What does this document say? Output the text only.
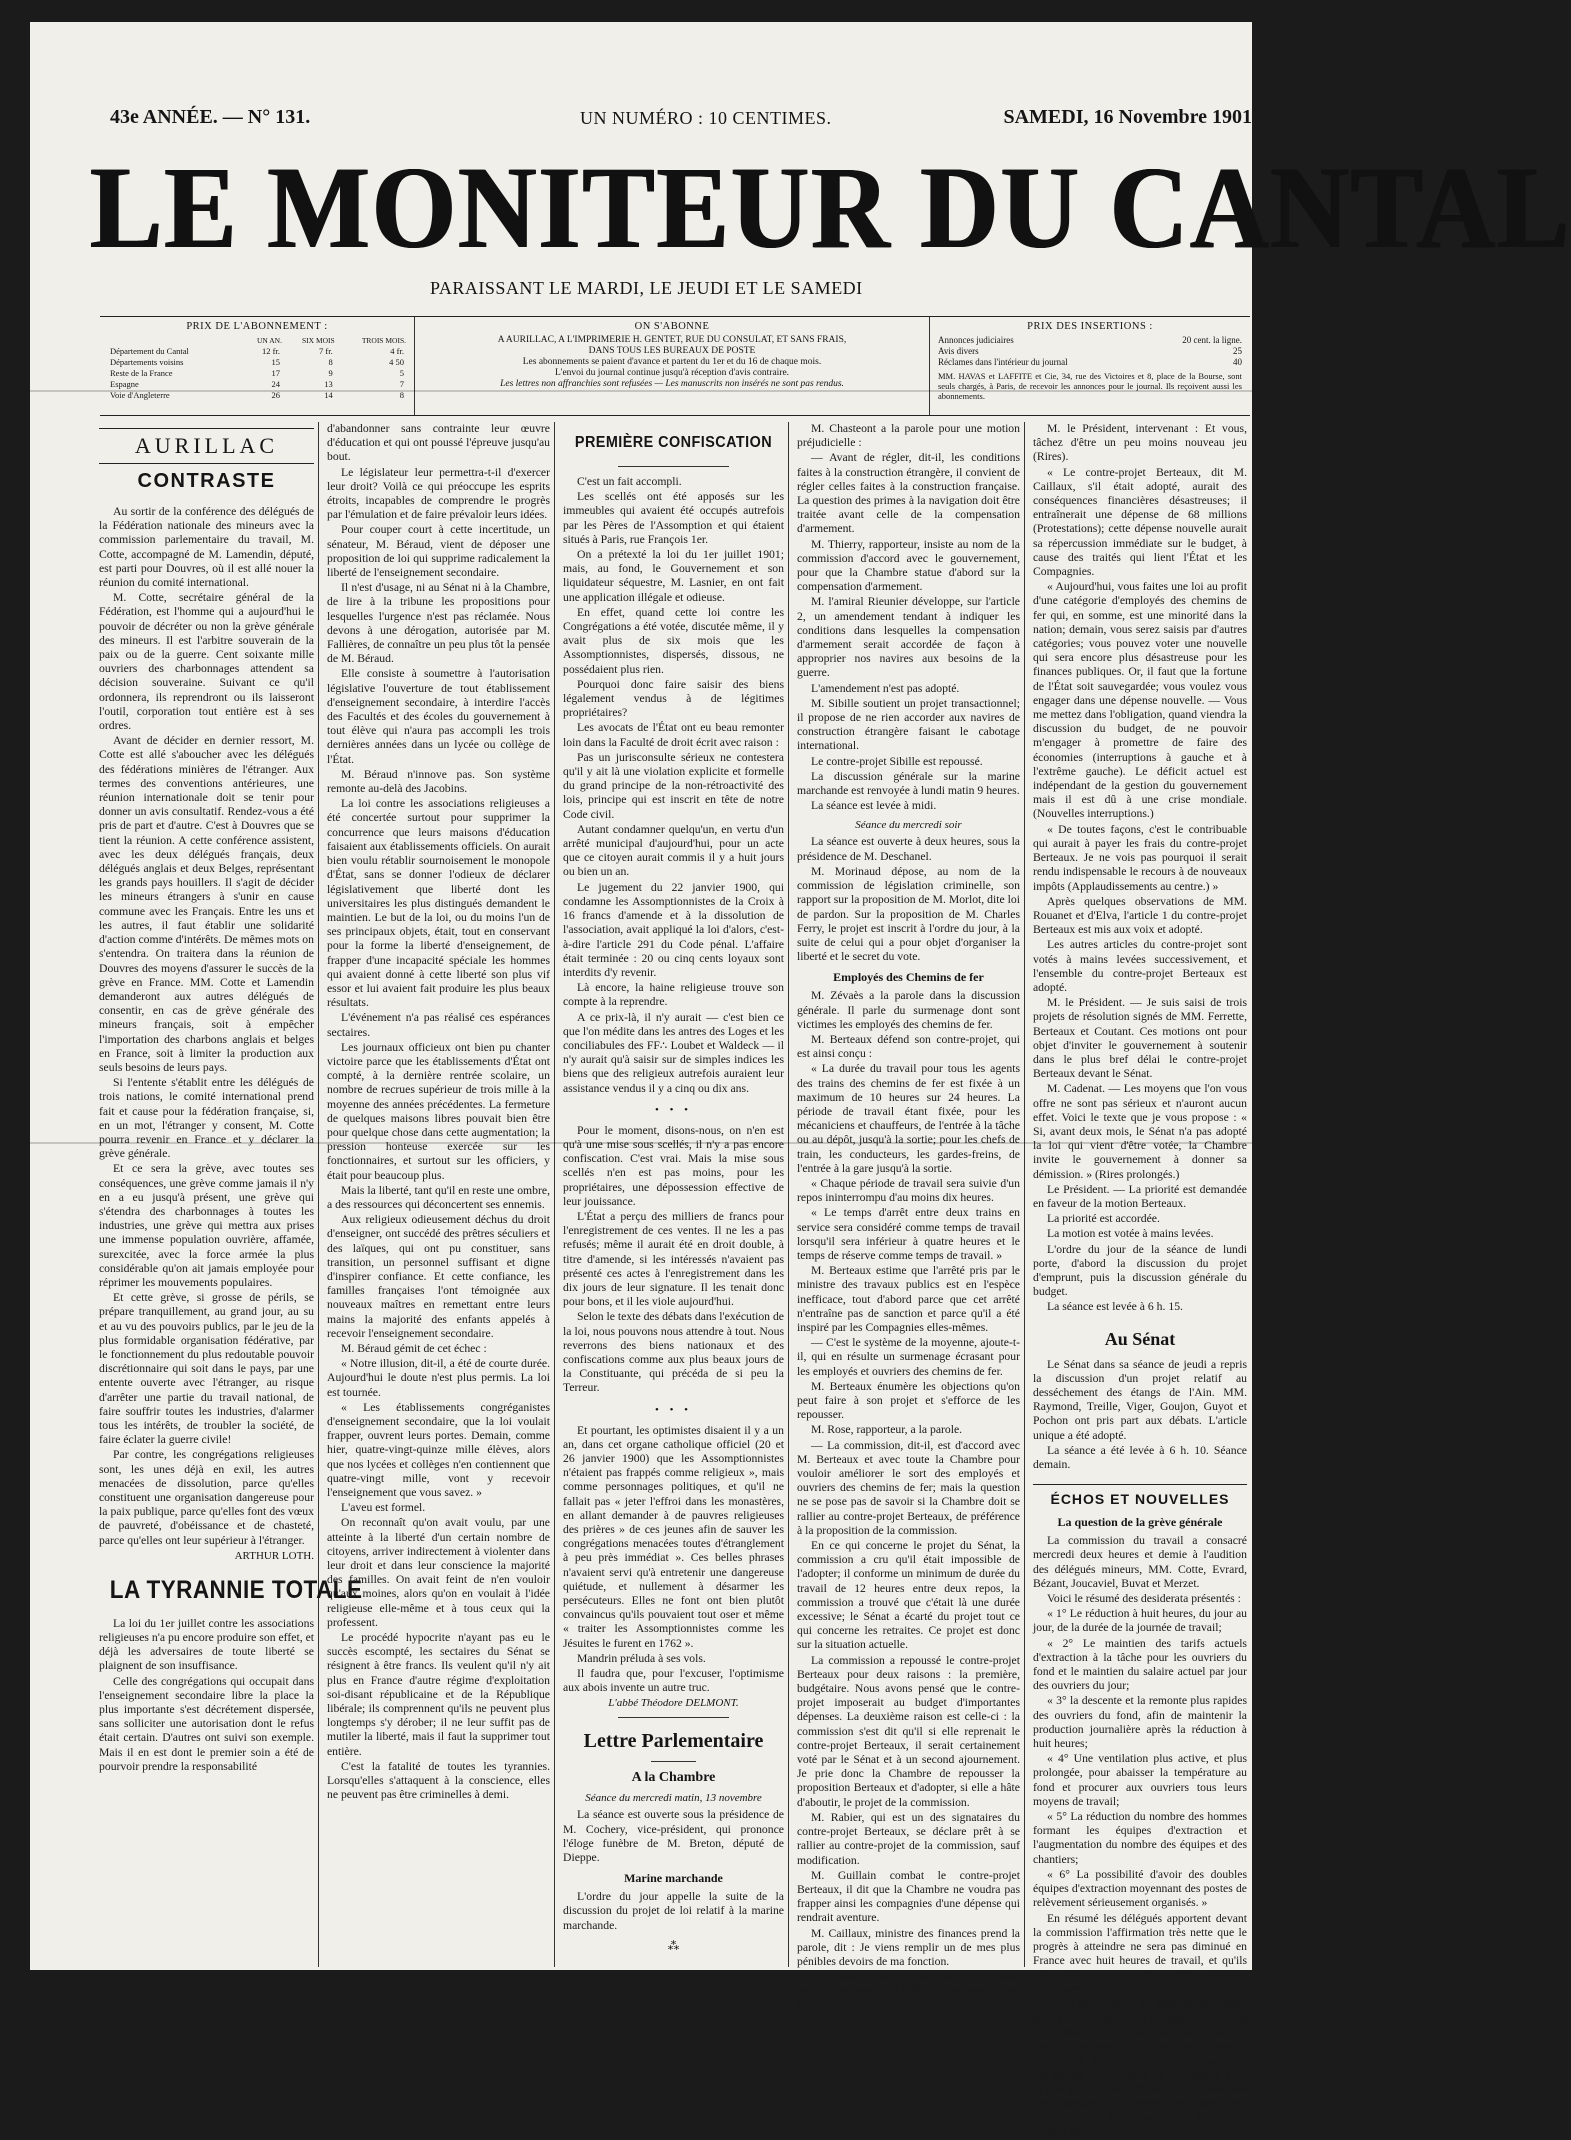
43e ANNÉE. — N° 131.	UN NUMÉRO : 10 CENTIMES.	SAMEDI, 16 Novembre 1901
LE MONITEUR DU CANTAL
PARAISSANT LE MARDI, LE JEUDI ET LE SAMEDI
PRIX DE L'ABONNEMENT :
	UN AN.	SIX MOIS	TROIS MOIS.
Département du Cantal	12 fr.	7 fr.	4 fr.
Départements voisins	15	8	4 50
Reste de la France	17	9	5
Espagne	24	13	7
Voie d'Angleterre	26	14	8
ON S'ABONNE
A AURILLAC, A L'IMPRIMERIE H. GENTET, RUE DU CONSULAT, ET SANS FRAIS,
DANS TOUS LES BUREAUX DE POSTE
Les abonnements se paient d'avance et partent du 1er et du 16 de chaque mois.
L'envoi du journal continue jusqu'à réception d'avis contraire.
Les lettres non affranchies sont refusées — Les manuscrits non insérés ne sont pas rendus.
PRIX DES INSERTIONS :
Annonces judiciaires	20 cent. la ligne.
Avis divers	25
Réclames dans l'intérieur du journal	40
MM. HAVAS et LAFFITE et Cie, 34, rue des Victoires et 8, place de la Bourse, sont seuls chargés, à Paris, de recevoir les annonces pour le journal. Ils reçoivent aussi les abonnements.
AURILLAC
CONTRASTE

Au sortir de la conférence des délégués de la Fédération nationale des mineurs avec la commission parlementaire du travail, M. Cotte, accompagné de M. Lamendin, député, est parti pour Douvres, où il est allé nouer la réunion du comité international.

M. Cotte, secrétaire général de la Fédération, est l'homme qui a aujourd'hui le pouvoir de décréter ou non la grève générale des mineurs. Il est l'arbitre souverain de la paix ou de la guerre. Cent soixante mille ouvriers des charbonnages attendent sa décision souveraine. Suivant ce qu'il ordonnera, ils reprendront ou ils laisseront l'outil, corporation tout entière est à ses ordres.

Avant de décider en dernier ressort, M. Cotte est allé s'aboucher avec les délégués des fédérations minières de l'étranger. Aux termes des conventions antérieures, une réunion internationale doit se tenir pour donner un avis consultatif. Rendez-vous a été pris de part et d'autre. C'est à Douvres que se tient la réunion. A cette conférence assistent, avec les deux délégués français, deux délégués anglais et deux Belges, représentant les grands pays houillers. Il s'agit de décider les mineurs étrangers à s'unir en cause commune avec les Français. Entre les uns et les autres, il faut établir une solidarité d'action comme d'intérêts. De mêmes mots on s'entendra. On traitera dans la réunion de Douvres des moyens d'assurer le succès de la grève en France. MM. Cotte et Lamendin demanderont aux autres délégués de consentir, en cas de grève générale des mineurs français, soit à empêcher l'importation des charbons anglais et belges en France, soit à limiter la production aux seuls besoins de leurs pays.

Si l'entente s'établit entre les délégués de trois nations, le comité international prend fait et cause pour la fédération française, si, en un mot, l'étranger y consent, M. Cotte pourra revenir en France et y déclarer la grève générale.

Et ce sera la grève, avec toutes ses conséquences, une grève comme jamais il n'y en a eu jusqu'à présent, une grève qui s'étendra des charbonnages à toutes les industries, une grève qui mettra aux prises une immense population ouvrière, affamée, surexcitée, avec la force armée la plus considérable qu'on ait jamais employée pour réprimer les mouvements populaires.

Et cette grève, si grosse de périls, se prépare tranquillement, au grand jour, au su et au vu des pouvoirs publics, par le jeu de la plus formidable organisation fédérative, par le fonctionnement du plus redoutable pouvoir discrétionnaire qui soit dans le pays, par une entente ouverte avec l'étranger, au risque d'arrêter une partie du travail national, de faire souffrir toutes les industries, d'alarmer tous les intérêts, de troubler la société, de faire éclater la guerre civile!

Par contre, les congrégations religieuses sont, les unes déjà en exil, les autres menacées de dissolution, parce qu'elles constituent une organisation dangereuse pour la paix publique, parce qu'elles font des vœux de pauvreté, d'obéissance et de chasteté, parce qu'elles ont leur supérieur à l'étranger.

ARTHUR LOTH.
LA TYRANNIE TOTALE

La loi du 1er juillet contre les associations religieuses n'a pu encore produire son effet, et déjà les adversaires de toute liberté se plaignent de son insuffisance.

Celle des congrégations qui occupait dans l'enseignement secondaire libre la place la plus importante s'est décrétement dispersée, sans solliciter une autorisation dont le refus était certain. D'autres ont suivi son exemple. Mais il en est dont le premier soin a été de pourvoir prendre la responsabilité

d'abandonner sans contrainte leur œuvre d'éducation et qui ont poussé l'épreuve jusqu'au bout.

Le législateur leur permettra-t-il d'exercer leur droit? Voilà ce qui préoccupe les esprits étroits, incapables de comprendre le progrès par l'émulation et de faire prévaloir leurs idées.

Pour couper court à cette incertitude, un sénateur, M. Béraud, vient de déposer une proposition de loi qui supprime radicalement la liberté de l'enseignement secondaire.

Il n'est d'usage, ni au Sénat ni à la Chambre, de lire à la tribune les propositions pour lesquelles l'urgence n'est pas réclamée. Nous devons à une dérogation, autorisée par M. Fallières, de connaître un peu plus tôt la pensée de M. Béraud.

Elle consiste à soumettre à l'autorisation législative l'ouverture de tout établissement d'enseignement secondaire, à interdire l'accès des Facultés et des écoles du gouvernement à tout élève qui n'aura pas accompli les trois dernières années dans un lycée ou collège de l'État.

M. Béraud n'innove pas. Son système remonte au-delà des Jacobins.

La loi contre les associations religieuses a été concertée surtout pour supprimer la concurrence que leurs maisons d'éducation faisaient aux établissements officiels. On aurait bien voulu rétablir sournoisement le monopole d'État, sans se donner l'odieux de déclarer législativement que liberté dont les universitaires les plus distingués demandent le maintien. Le but de la loi, ou du moins l'un de ses principaux objets, était, tout en conservant pour la forme la liberté d'enseignement, de frapper d'une incapacité spéciale les hommes qui avaient donné à cette liberté son plus vif essor et lui avaient fait produire les plus beaux résultats.

L'événement n'a pas réalisé ces espérances sectaires.

Les journaux officieux ont bien pu chanter victoire parce que les établissements d'État ont compté, à la dernière rentrée scolaire, un nombre de recrues supérieur de trois mille à la moyenne des années précédentes. La fermeture de quelques maisons libres pouvait bien être pour quelque chose dans cette augmentation; la pression honteuse exercée sur les fonctionnaires, et surtout sur les officiers, y était pour beaucoup plus.

Mais la liberté, tant qu'il en reste une ombre, a des ressources qui déconcertent ses ennemis.

Aux religieux odieusement déchus du droit d'enseigner, ont succédé des prêtres séculiers et des laïques, qui ont pu constituer, sans transition, un personnel suffisant et digne d'inspirer confiance. Et cette confiance, les familles françaises l'ont témoignée aux nouveaux maîtres en remettant entre leurs mains la majorité des enfants appelés à recevoir l'enseignement secondaire.

M. Béraud gémit de cet échec :

« Notre illusion, dit-il, a été de courte durée. Aujourd'hui le doute n'est plus permis. La loi est tournée.

« Les établissements congréganistes d'enseignement secondaire, que la loi voulait frapper, ouvrent leurs portes. Demain, comme hier, quatre-vingt-quinze mille élèves, alors que nos lycées et collèges n'en contiennent que quatre-vingt mille, vont y recevoir l'enseignement que vous savez. »

L'aveu est formel.

On reconnaît qu'on avait voulu, par une atteinte à la liberté d'un certain nombre de citoyens, arriver indirectement à violenter dans leur droit et dans leur conscience la majorité des familles. On avait feint de n'en vouloir qu'aux moines, alors qu'on en voulait à l'idée religieuse elle-même et à tous ceux qui la professent.

Le procédé hypocrite n'ayant pas eu le succès escompté, les sectaires du Sénat se résignent à être francs. Ils veulent qu'il n'y ait plus en France d'autre régime d'exploitation soi-disant républicaine et de la République libérale; ils comprennent qu'ils ne peuvent plus longtemps s'y dérober; il ne leur suffit pas de mutiler la liberté, mais il faut la supprimer tout entière.

C'est la fatalité de toutes les tyrannies. Lorsqu'elles s'attaquent à la conscience, elles ne peuvent pas être criminelles à demi.

PREMIÈRE CONFISCATION

C'est un fait accompli.

Les scellés ont été apposés sur les immeubles qui avaient été occupés autrefois par les Pères de l'Assomption et qui étaient situés à Paris, rue François 1er.

On a prétexté la loi du 1er juillet 1901; mais, au fond, le Gouvernement et son liquidateur séquestre, M. Lasnier, en ont fait une application illégale et odieuse.

En effet, quand cette loi contre les Congrégations a été votée, discutée même, il y avait plus de six mois que les Assomptionnistes, dispersés, dissous, ne possédaient plus rien.

Pourquoi donc faire saisir des biens légalement vendus à de légitimes propriétaires?

Les avocats de l'État ont eu beau remonter loin dans la Faculté de droit écrit avec raison :

Pas un jurisconsulte sérieux ne contestera qu'il y ait là une violation explicite et formelle du grand principe de la non-rétroactivité des lois, principe qui est inscrit en tête de notre Code civil.

Autant condamner quelqu'un, en vertu d'un arrêté municipal d'aujourd'hui, pour un acte que ce citoyen aurait commis il y a huit jours ou bien un an.

Le jugement du 22 janvier 1900, qui condamne les Assomptionnistes de la Croix à 16 francs d'amende et à la dissolution de l'association, avait appliqué la loi d'alors, c'est-à-dire l'article 291 du Code pénal. L'affaire était terminée : 20 ou cinq cents loyaux sont interdits d'y revenir.

Là encore, la haine religieuse trouve son compte à la reprendre.

A ce prix-là, il n'y aurait — c'est bien ce que l'on médite dans les antres des Loges et les conciliabules des FF∴ Loubet et Waldeck — il n'y aurait qu'à saisir sur de simples indices les biens que des religieux autrefois auraient leur assistance vendus il y a cinq ou dix ans.

• • •

Pour le moment, disons-nous, on n'en est qu'à une mise sous scellés, il n'y a pas encore confiscation. C'est vrai. Mais la mise sous scellés n'en est pas moins, pour les propriétaires, une dépossession effective de leur jouissance.

L'État a perçu des milliers de francs pour l'enregistrement de ces ventes. Il ne les a pas refusés; même il aurait été en droit double, à titre d'amende, si les intéressés n'avaient pas présenté ces actes à l'enregistrement dans les dix jours de leur signature. Il les tenait donc pour bons, et il les viole aujourd'hui.

Selon le texte des débats dans l'exécution de la loi, nous pouvons nous attendre à tout. Nous reverrons des biens nationaux et des confiscations comme aux plus beaux jours de la Constituante, qui précéda de si peu la Terreur.

• • •

Et pourtant, les optimistes disaient il y a un an, dans cet organe catholique officiel (20 et 26 janvier 1900) que les Assomptionnistes n'étaient pas frappés comme religieux », mais comme personnages politiques, et qu'il ne fallait pas « jeter l'effroi dans les monastères, en allant demander à de pauvres religieuses des prières » de ces jeunes afin de sauver les congrégations menacées toutes d'étranglement à peu près immédiat ». Ces belles phrases n'avaient servi qu'à entretenir une dangereuse quiétude, et nullement à désarmer les persécuteurs. Elles ne font ont bien plutôt convaincus qu'ils pouvaient tout oser et même « traiter les Assomptionnistes comme les Jésuites le furent en 1762 ».

Mandrin préluda à ses vols.

Il faudra que, pour l'excuser, l'optimisme aux abois invente un autre truc.

L'abbé Théodore DELMONT.
Lettre Parlementaire
A la Chambre
Séance du mercredi matin, 13 novembre

La séance est ouverte sous la présidence de M. Cochery, vice-président, qui prononce l'éloge funèbre de M. Breton, député de Dieppe.

Marine marchande

L'ordre du jour appelle la suite de la discussion du projet de loi relatif à la marine marchande.

⁂

M. Chasteont a la parole pour une motion préjudicielle :

— Avant de régler, dit-il, les conditions faites à la construction étrangère, il convient de régler celles faites à la construction française. La question des primes à la navigation doit être traitée avant celle de la compensation d'armement.

M. Thierry, rapporteur, insiste au nom de la commission d'accord avec le gouvernement, pour que la Chambre statue d'abord sur la compensation d'armement.

M. l'amiral Rieunier développe, sur l'article 2, un amendement tendant à indiquer les conditions dans lesquelles la compensation d'armement serait accordée de façon à approprier nos navires aux besoins de la guerre.

L'amendement n'est pas adopté.

M. Sibille soutient un projet transactionnel; il propose de ne rien accorder aux navires de construction étrangère faisant le cabotage international.

Le contre-projet Sibille est repoussé.

La discussion générale sur la marine marchande est renvoyée à lundi matin 9 heures.

La séance est levée à midi.

Séance du mercredi soir

La séance est ouverte à deux heures, sous la présidence de M. Deschanel.

M. Morinaud dépose, au nom de la commission de législation criminelle, son rapport sur la proposition de M. Morlot, dite loi de pardon. Sur la proposition de M. Charles Ferry, le projet est inscrit à l'ordre du jour, à la suite de celui qui a pour objet d'organiser la liberté et le secret du vote.

Employés des Chemins de fer

M. Zévaès a la parole dans la discussion générale. Il parle du surmenage dont sont victimes les employés des chemins de fer.

M. Berteaux défend son contre-projet, qui est ainsi conçu :

« La durée du travail pour tous les agents des trains des chemins de fer est fixée à un maximum de 10 heures sur 24 heures. La période de travail étant fixée, pour les mécaniciens et chauffeurs, de l'entrée à la tâche ou au dépôt, jusqu'à la sortie; pour les chefs de train, les conducteurs, les gardes-freins, de l'entrée à la gare jusqu'à la sortie.

« Chaque période de travail sera suivie d'un repos ininterrompu d'au moins dix heures.

« Le temps d'arrêt entre deux trains en service sera considéré comme temps de travail lorsqu'il sera inférieur à quatre heures et le temps de réserve comme temps de travail. »

M. Berteaux estime que l'arrêté pris par le ministre des travaux publics est en l'espèce inefficace, tout d'abord parce que cet arrêté n'entraîne pas de sanction et parce qu'il a été inspiré par les Compagnies elles-mêmes.

— C'est le système de la moyenne, ajoute-t-il, qui en résulte un surmenage écrasant pour les employés et ouvriers des chemins de fer.

M. Berteaux énumère les objections qu'on peut faire à son projet et s'efforce de les repousser.

M. Rose, rapporteur, a la parole.

— La commission, dit-il, est d'accord avec M. Berteaux et avec toute la Chambre pour vouloir améliorer le sort des employés et ouvriers des chemins de fer; mais la question ne se pose pas de savoir si la Chambre doit se rallier au contre-projet Berteaux, de préférence à la proposition de la commission.

En ce qui concerne le projet du Sénat, la commission a cru qu'il était impossible de l'adopter; il conforme un minimum de durée du travail de 12 heures entre deux repos, la commission a trouvé que c'était là une durée excessive; le Sénat a écarté du projet tout ce qui concerne les retraites. Ce projet est donc sur la situation actuelle.

La commission a repoussé le contre-projet Berteaux pour deux raisons : la première, budgétaire. Nous avons pensé que le contre-projet imposerait au budget d'importantes dépenses. La deuxième raison est celle-ci : la commission s'est dit qu'il si elle reprenait le contre-projet Berteaux, il serait certainement voté par le Sénat et à un second ajournement. Je prie donc la Chambre de repousser la proposition Berteaux et d'adopter, si elle a hâte d'aboutir, le projet de la commission.

M. Rabier, qui est un des signataires du contre-projet Berteaux, se déclare prêt à se rallier au contre-projet de la commission, sauf modification.

M. Guillain combat le contre-projet Berteaux, il dit que la Chambre ne voudra pas frapper ainsi les compagnies d'une dépense qui rendrait aventure.

M. Caillaux, ministre des finances prend la parole, dit : Je viens remplir un de mes plus pénibles devoirs de ma fonction.

M. Coutant, interrompant s'écrie : Ça, mon vieux, c'est vieux jeu! (Hilarité prolongée; bruit à droite.)

M. le Président, intervenant : Et vous, tâchez d'être un peu moins nouveau jeu (Rires).

« Le contre-projet Berteaux, dit M. Caillaux, s'il était adopté, aurait des conséquences financières désastreuses; il entraînerait une dépense de 68 millions (Protestations); cette dépense nouvelle aurait sa répercussion immédiate sur le budget, à cause des traités qui lient l'État et les Compagnies.

« Aujourd'hui, vous faites une loi au profit d'une catégorie d'employés des chemins de fer qui, en somme, est une minorité dans la nation; demain, vous serez saisis par d'autres catégories; vous pouvez voter une nouvelle qui sera encore plus désastreuse pour les finances publiques. Or, il faut que la fortune de l'État soit sauvegardée; vous voulez vous engager dans une dépense nouvelle. — Vous me mettez dans l'obligation, quand viendra la discussion du budget, de ne pouvoir m'engager à promettre de faire des économies (interruptions à gauche et à l'extrême gauche). Le déficit actuel est indépendant de la gestion du gouvernement mais il est dû à une crise mondiale. (Nouvelles interruptions.)

« De toutes façons, c'est le contribuable qui aurait à payer les frais du contre-projet Berteaux. Je ne vois pas pourquoi il serait rendu indispensable le recours à de nouveaux impôts (Applaudissements au centre.) »

Après quelques observations de MM. Rouanet et d'Elva, l'article 1 du contre-projet Berteaux est mis aux voix et adopté.

Les autres articles du contre-projet sont votés à mains levées successivement, et l'ensemble du contre-projet Berteaux est adopté.

M. le Président. — Je suis saisi de trois projets de résolution signés de MM. Ferrette, Berteaux et Coutant. Ces motions ont pour objet d'inviter le gouvernement à soutenir dans le plus bref délai le contre-projet Berteaux devant le Sénat.

M. Cadenat. — Les moyens que l'on vous offre ne sont pas sérieux et n'auront aucun effet. Voici le texte que je vous propose : « Si, avant deux mois, le Sénat n'a pas adopté la loi qui vient d'être votée, la Chambre invite le gouvernement à donner sa démission. » (Rires prolongés.)

Le Président. — La priorité est demandée en faveur de la motion Berteaux.

La priorité est accordée.

La motion est votée à mains levées.

L'ordre du jour de la séance de lundi porte, d'abord la discussion du projet d'emprunt, puis la discussion générale du budget.

La séance est levée à 6 h. 15.

Au Sénat

Le Sénat dans sa séance de jeudi a repris la discussion d'un projet relatif au desséchement des étangs de l'Ain. MM. Raymond, Treille, Viger, Goujon, Guyot et Pochon ont pris part aux débats. L'article unique a été adopté.

La séance a été levée à 6 h. 10. Séance demain.

ÉCHOS ET NOUVELLES
La question de la grève générale

La commission du travail a consacré mercredi deux heures et demie à l'audition des délégués mineurs, MM. Cotte, Evrard, Bézant, Joucaviel, Buvat et Merzet.

Voici le résumé des desiderata présentés :

« 1° Le réduction à huit heures, du jour au jour, de la durée de la journée de travail;

« 2° Le maintien des tarifs actuels d'extraction à la tâche pour les ouvriers du fond et le maintien du salaire actuel par jour des ouvriers du jour;

« 3° la descente et la remonte plus rapides des ouvriers du fond, afin de maintenir la production journalière après la réduction à huit heures;

« 4° Une ventilation plus active, et plus prolongée, pour abaisser la température au fond et procurer aux ouvriers tous leurs moyens de travail;

« 5° La réduction du nombre des hommes formant les équipes d'extraction et l'augmentation du nombre des équipes et des chantiers;

« 6° La possibilité d'avoir des doubles équipes d'extraction moyennant des postes de relèvement sérieusement organisés. »

En résumé les délégués apportent devant la commission l'affirmation très nette que le progrès à atteindre ne sera pas diminué en France avec huit heures de travail, et qu'ils ont prévu les moyens qu'ils viennent d'indiquer.

Avant de se retirer, les délégués ont insisté pour que la commission seconde leurs efforts pour obtenir que le gouvernement s'écarte de tout ce qui pourrait écarter une redoutable éventualité. Les membres de la commission ont promis de s'occuper de la question avec la plus grande bienveillance les réclamations des mineurs. — L'espoir est bien déçu d'épargner à la France une grève dont ils ne veulent pas,
